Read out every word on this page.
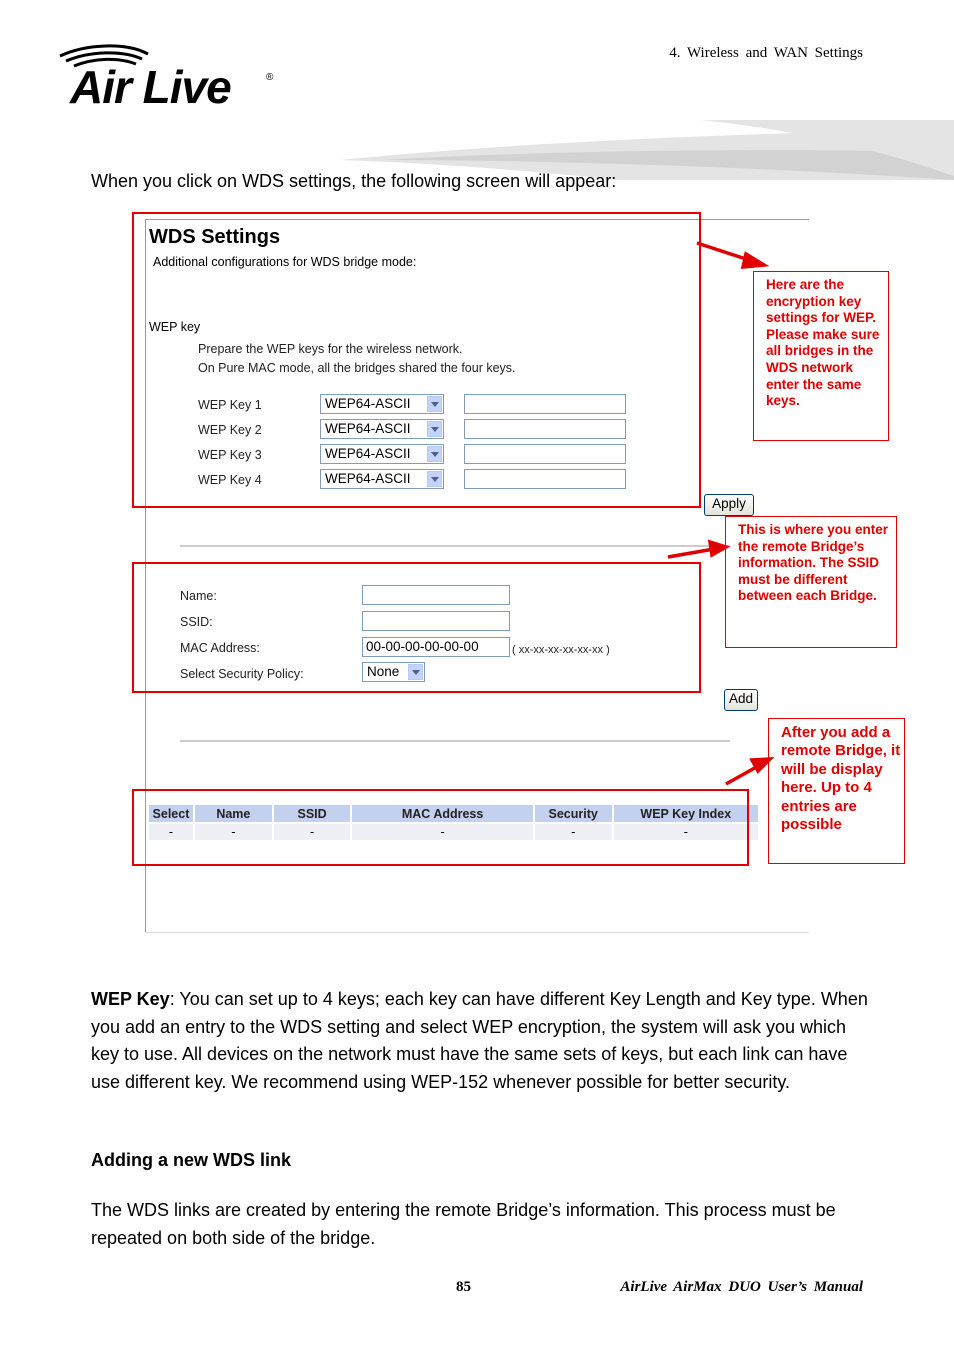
4. Wireless and WAN Settings
Air Live	®
When you click on WDS settings, the following screen will appear:
WDS Settings
Additional configurations for WDS bridge mode:
WEP key
Prepare the WEP keys for the wireless network.
On Pure MAC mode, all the bridges shared the four keys.
WEP Key 1	WEP64-ASCII
WEP Key 2	WEP64-ASCII
WEP Key 3	WEP64-ASCII
WEP Key 4	WEP64-ASCII
Apply
Name:
SSID:
MAC Address:	00-00-00-00-00-00	( xx-xx-xx-xx-xx-xx )
Select Security Policy:	None
Add
Select	Name	SSID	MAC Address	Security	WEP Key Index
-	-	-	-	-	-
Here are the encryption key settings for WEP. Please make sure all bridges in the WDS network enter the same keys.
This is where you enter the remote Bridge’s information. The SSID must be different between each Bridge.
After you add a remote Bridge, it will be display here. Up to 4 entries are possible
WEP Key: You can set up to 4 keys; each key can have different Key Length and Key type. When you add an entry to the WDS setting and select WEP encryption, the system will ask you which key to use. All devices on the network must have the same sets of keys, but each link can have use different key. We recommend using WEP-152 whenever possible for better security.
Adding a new WDS link
The WDS links are created by entering the remote Bridge’s information. This process must be repeated on both side of the bridge.
85	AirLive AirMax DUO User’s Manual
